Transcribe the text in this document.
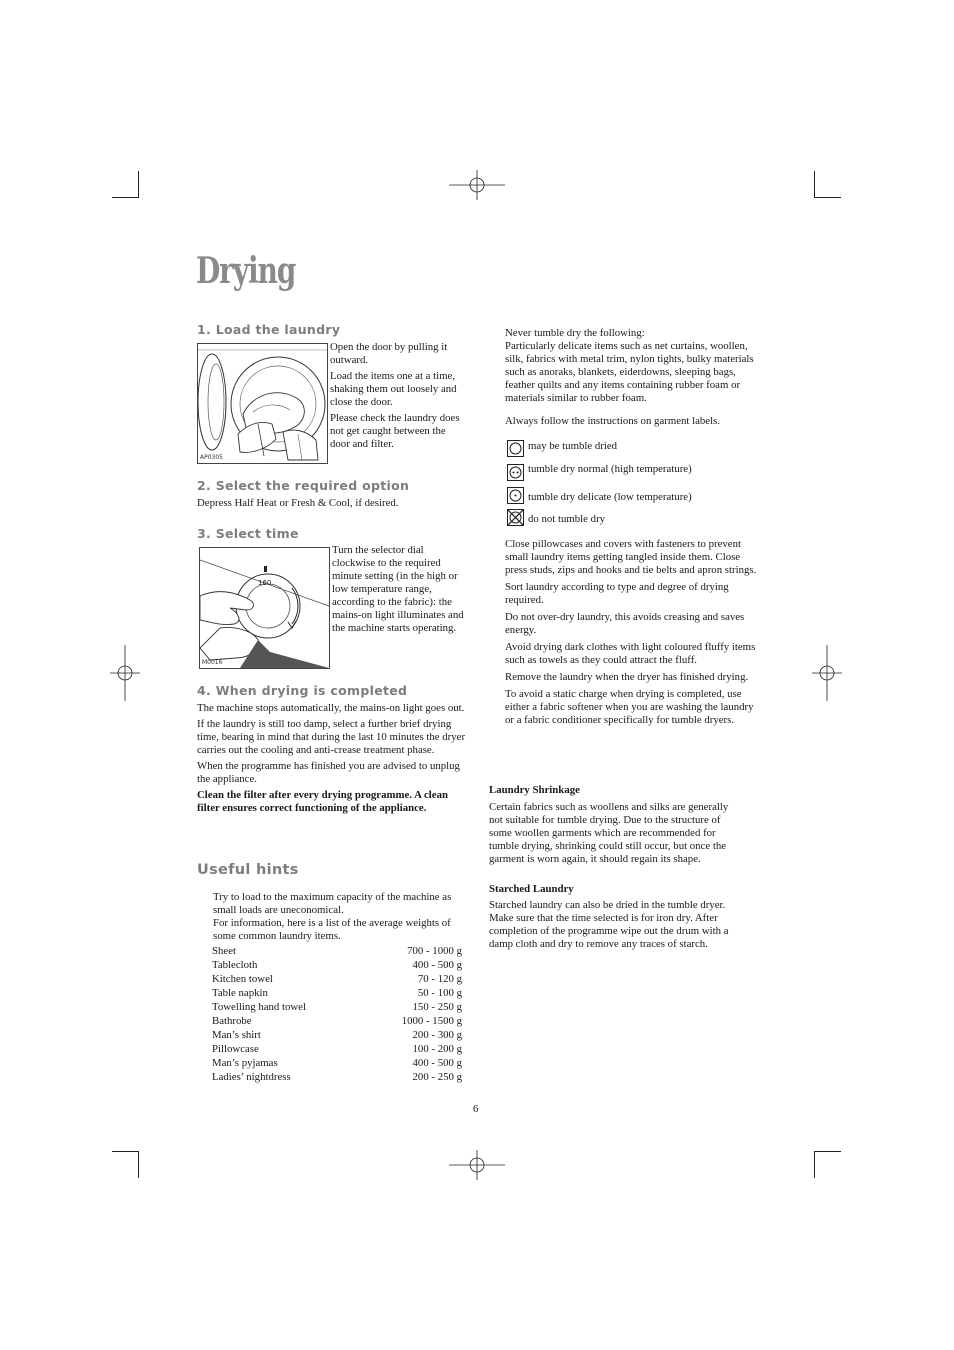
Drying
1. Load the laundry
AP0305

Open the door by pulling it outward.

Load the items one at a time, shaking them out loosely and close the door.

Please check the laundry does not get caught between the door and filter.

2. Select the required option
Depress Half Heat or Fresh & Cool, if desired.
3. Select time
160
M0016
Turn the selector dial clockwise to the required minute setting (in the high or low temperature range, according to the fabric): the mains-on light illuminates and the machine starts operating.
4. When drying is completed

The machine stops automatically, the mains-on light goes out.

If the laundry is still too damp, select a further brief drying time, bearing in mind that during the last 10 minutes the dryer carries out the cooling and anti-crease treatment phase.

When the programme has finished you are advised to unplug the appliance.

Clean the filter after every drying programme. A clean filter ensures correct functioning of the appliance.

Useful hints
Try to load to the maximum capacity of the machine as small loads are uneconomical.
For information, here is a list of the average weights of some common laundry items.
Sheet	700 - 1000 g
Tablecloth	400 - 500 g
Kitchen towel	70 - 120 g
Table napkin	50 - 100 g
Towelling hand towel	150 - 250 g
Bathrobe	1000 - 1500 g
Man’s shirt	200 - 300 g
Pillowcase	100 - 200 g
Man’s pyjamas	400 - 500 g
Ladies’ nightdress	200 - 250 g
Never tumble dry the following:
Particularly delicate items such as net curtains, woollen, silk, fabrics with metal trim, nylon tights, bulky materials such as anoraks, blankets, eiderdowns, sleeping bags, feather quilts and any items containing rubber foam or materials similar to rubber foam.
Always follow the instructions on garment labels.
may be tumble dried
tumble dry normal (high temperature)
tumble dry delicate (low temperature)
do not tumble dry

Close pillowcases and covers with fasteners to prevent small laundry items getting tangled inside them. Close press studs, zips and hooks and tie belts and apron strings.

Sort laundry according to type and degree of drying required.

Do not over-dry laundry, this avoids creasing and saves energy.

Avoid drying dark clothes with light coloured fluffy items such as towels as they could attract the fluff.

Remove the laundry when the dryer has finished drying.

To avoid a static charge when drying is completed, use either a fabric softener when you are washing the laundry or a fabric conditioner specifically for tumble dryers.

Laundry Shrinkage
Certain fabrics such as woollens and silks are generally not suitable for tumble drying. Due to the structure of some woollen garments which are recommended for tumble drying, shrinking could still occur, but once the garment is worn again, it should regain its shape.
Starched Laundry
Starched laundry can also be dried in the tumble dryer. Make sure that the time selected is for iron dry. After completion of the programme wipe out the drum with a damp cloth and dry to remove any traces of starch.
6
